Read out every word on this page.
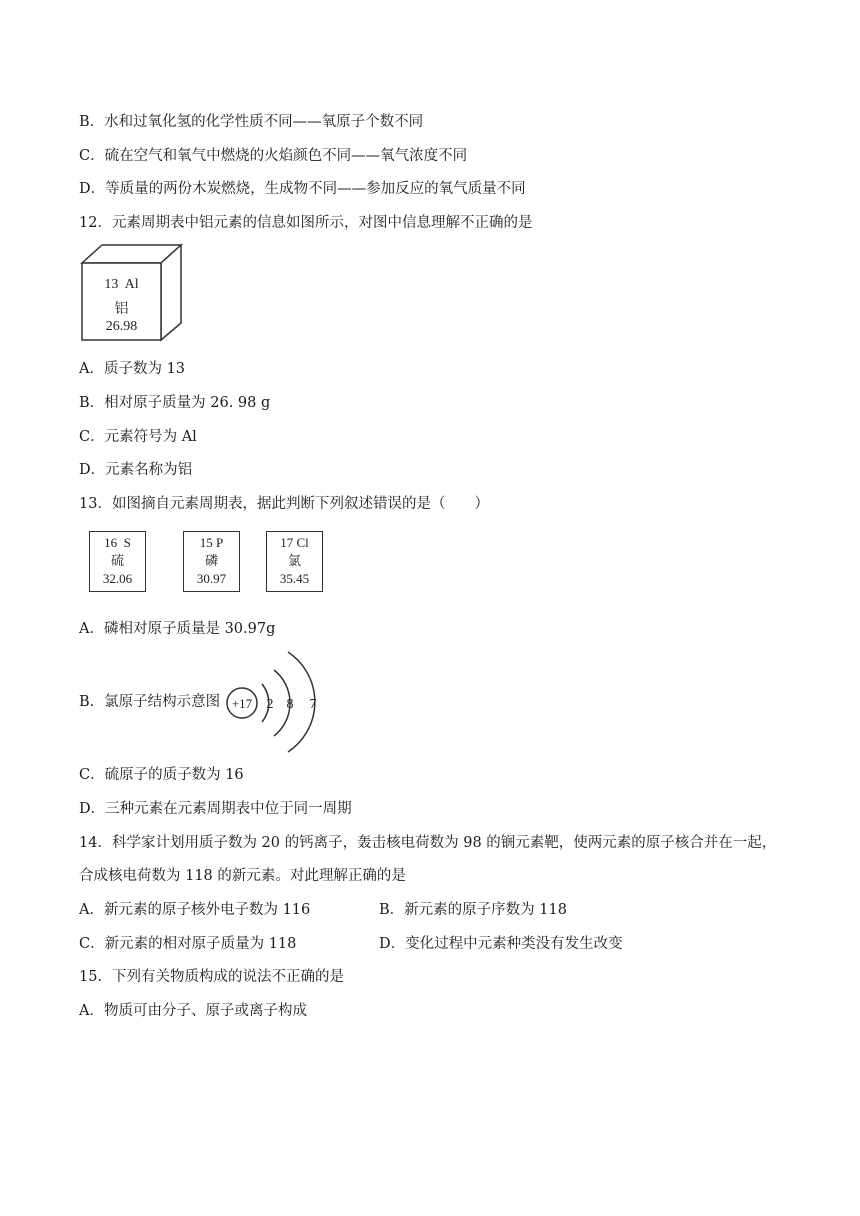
B．水和过氧化氢的化学性质不同——氧原子个数不同
C．硫在空气和氧气中燃烧的火焰颜色不同——氧气浓度不同
D．等质量的两份木炭燃烧，生成物不同——参加反应的氧气质量不同
12．元素周期表中铝元素的信息如图所示，对图中信息理解不正确的是
13 Al
铝
26.98
A．质子数为 13
B．相对原子质量为 26. 98 g
C．元素符号为 Al
D．元素名称为铝
13．如图摘自元素周期表，据此判断下列叙述错误的是（　　）
16 S
硫
32.06
15 P
磷
30.97
17 Cl
氯
35.45
A．磷相对原子质量是 30.97g
B．氯原子结构示意图 +17 2 8 7
C．硫原子的质子数为 16
D．三种元素在元素周期表中位于同一周期
14．科学家计划用质子数为 20 的钙离子，轰击核电荷数为 98 的锎元素靶，使两元素的原子核合并在一起，
合成核电荷数为 118 的新元素。对此理解正确的是
A．新元素的原子核外电子数为 116	B．新元素的原子序数为 118
C．新元素的相对原子质量为 118	D．变化过程中元素种类没有发生改变
15．下列有关物质构成的说法不正确的是
A．物质可由分子、原子或离子构成
